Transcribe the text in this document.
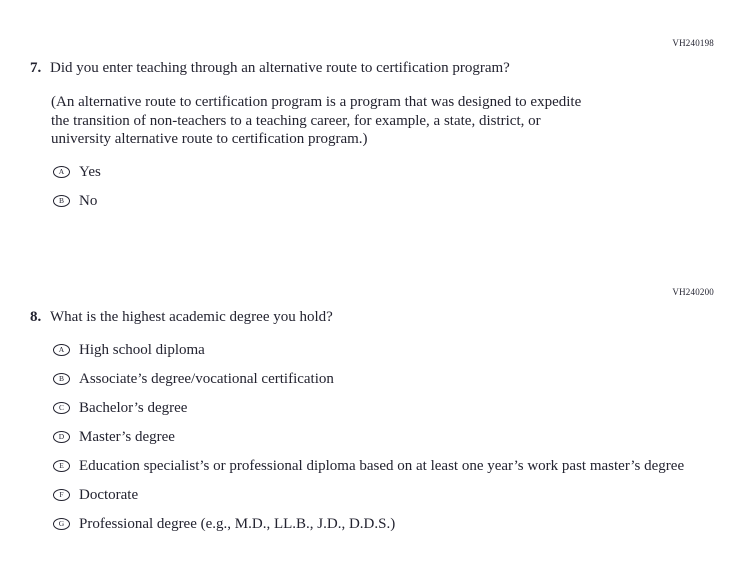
VH240198
7. Did you enter teaching through an alternative route to certification program?

(An alternative route to certification program is a program that was designed to expedite the transition of non-teachers to a teaching career, for example, a state, district, or university alternative route to certification program.)

A Yes
B No
VH240200
8. What is the highest academic degree you hold?
A High school diploma
B Associate’s degree/vocational certification
C Bachelor’s degree
D Master’s degree
E Education specialist’s or professional diploma based on at least one year’s work past master’s degree
F Doctorate
G Professional degree (e.g., M.D., LL.B., J.D., D.D.S.)
